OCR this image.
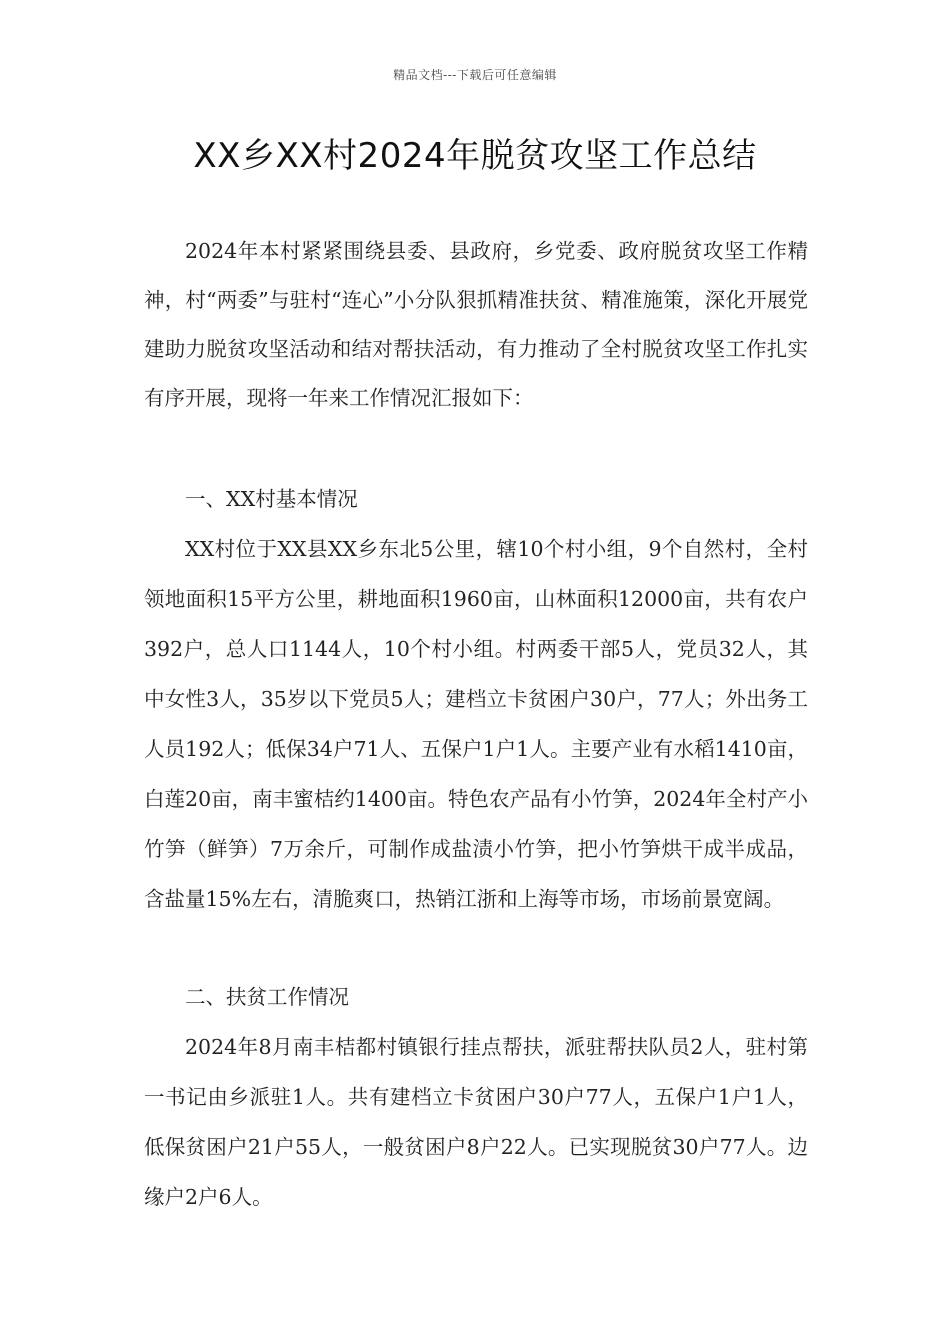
精品文档---下载后可任意编辑
XX乡XX村2024年脱贫攻坚工作总结

2024年本村紧紧围绕县委、县政府，乡党委、政府脱贫攻坚工作精神，村“两委”与驻村“连心”小分队狠抓精准扶贫、精准施策，深化开展党建助力脱贫攻坚活动和结对帮扶活动，有力推动了全村脱贫攻坚工作扎实有序开展，现将一年来工作情况汇报如下：

一、XX村基本情况

XX村位于XX县XX乡东北5公里，辖10个村小组，9个自然村，全村领地面积15平方公里，耕地面积1960亩，山林面积12000亩，共有农户392户，总人口1144人，10个村小组。村两委干部5人，党员32人，其中女性3人，35岁以下党员5人；建档立卡贫困户30户，77人；外出务工人员192人；低保34户71人、五保户1户1人。主要产业有水稻1410亩，白莲20亩，南丰蜜桔约1400亩。特色农产品有小竹笋，2024年全村产小竹笋（鲜笋）7万余斤，可制作成盐渍小竹笋，把小竹笋烘干成半成品，含盐量15%左右，清脆爽口，热销江浙和上海等市场，市场前景宽阔。

二、扶贫工作情况

2024年8月南丰桔都村镇银行挂点帮扶，派驻帮扶队员2人，驻村第一书记由乡派驻1人。共有建档立卡贫困户30户77人，五保户1户1人，低保贫困户21户55人，一般贫困户8户22人。已实现脱贫30户77人。边缘户2户6人。
